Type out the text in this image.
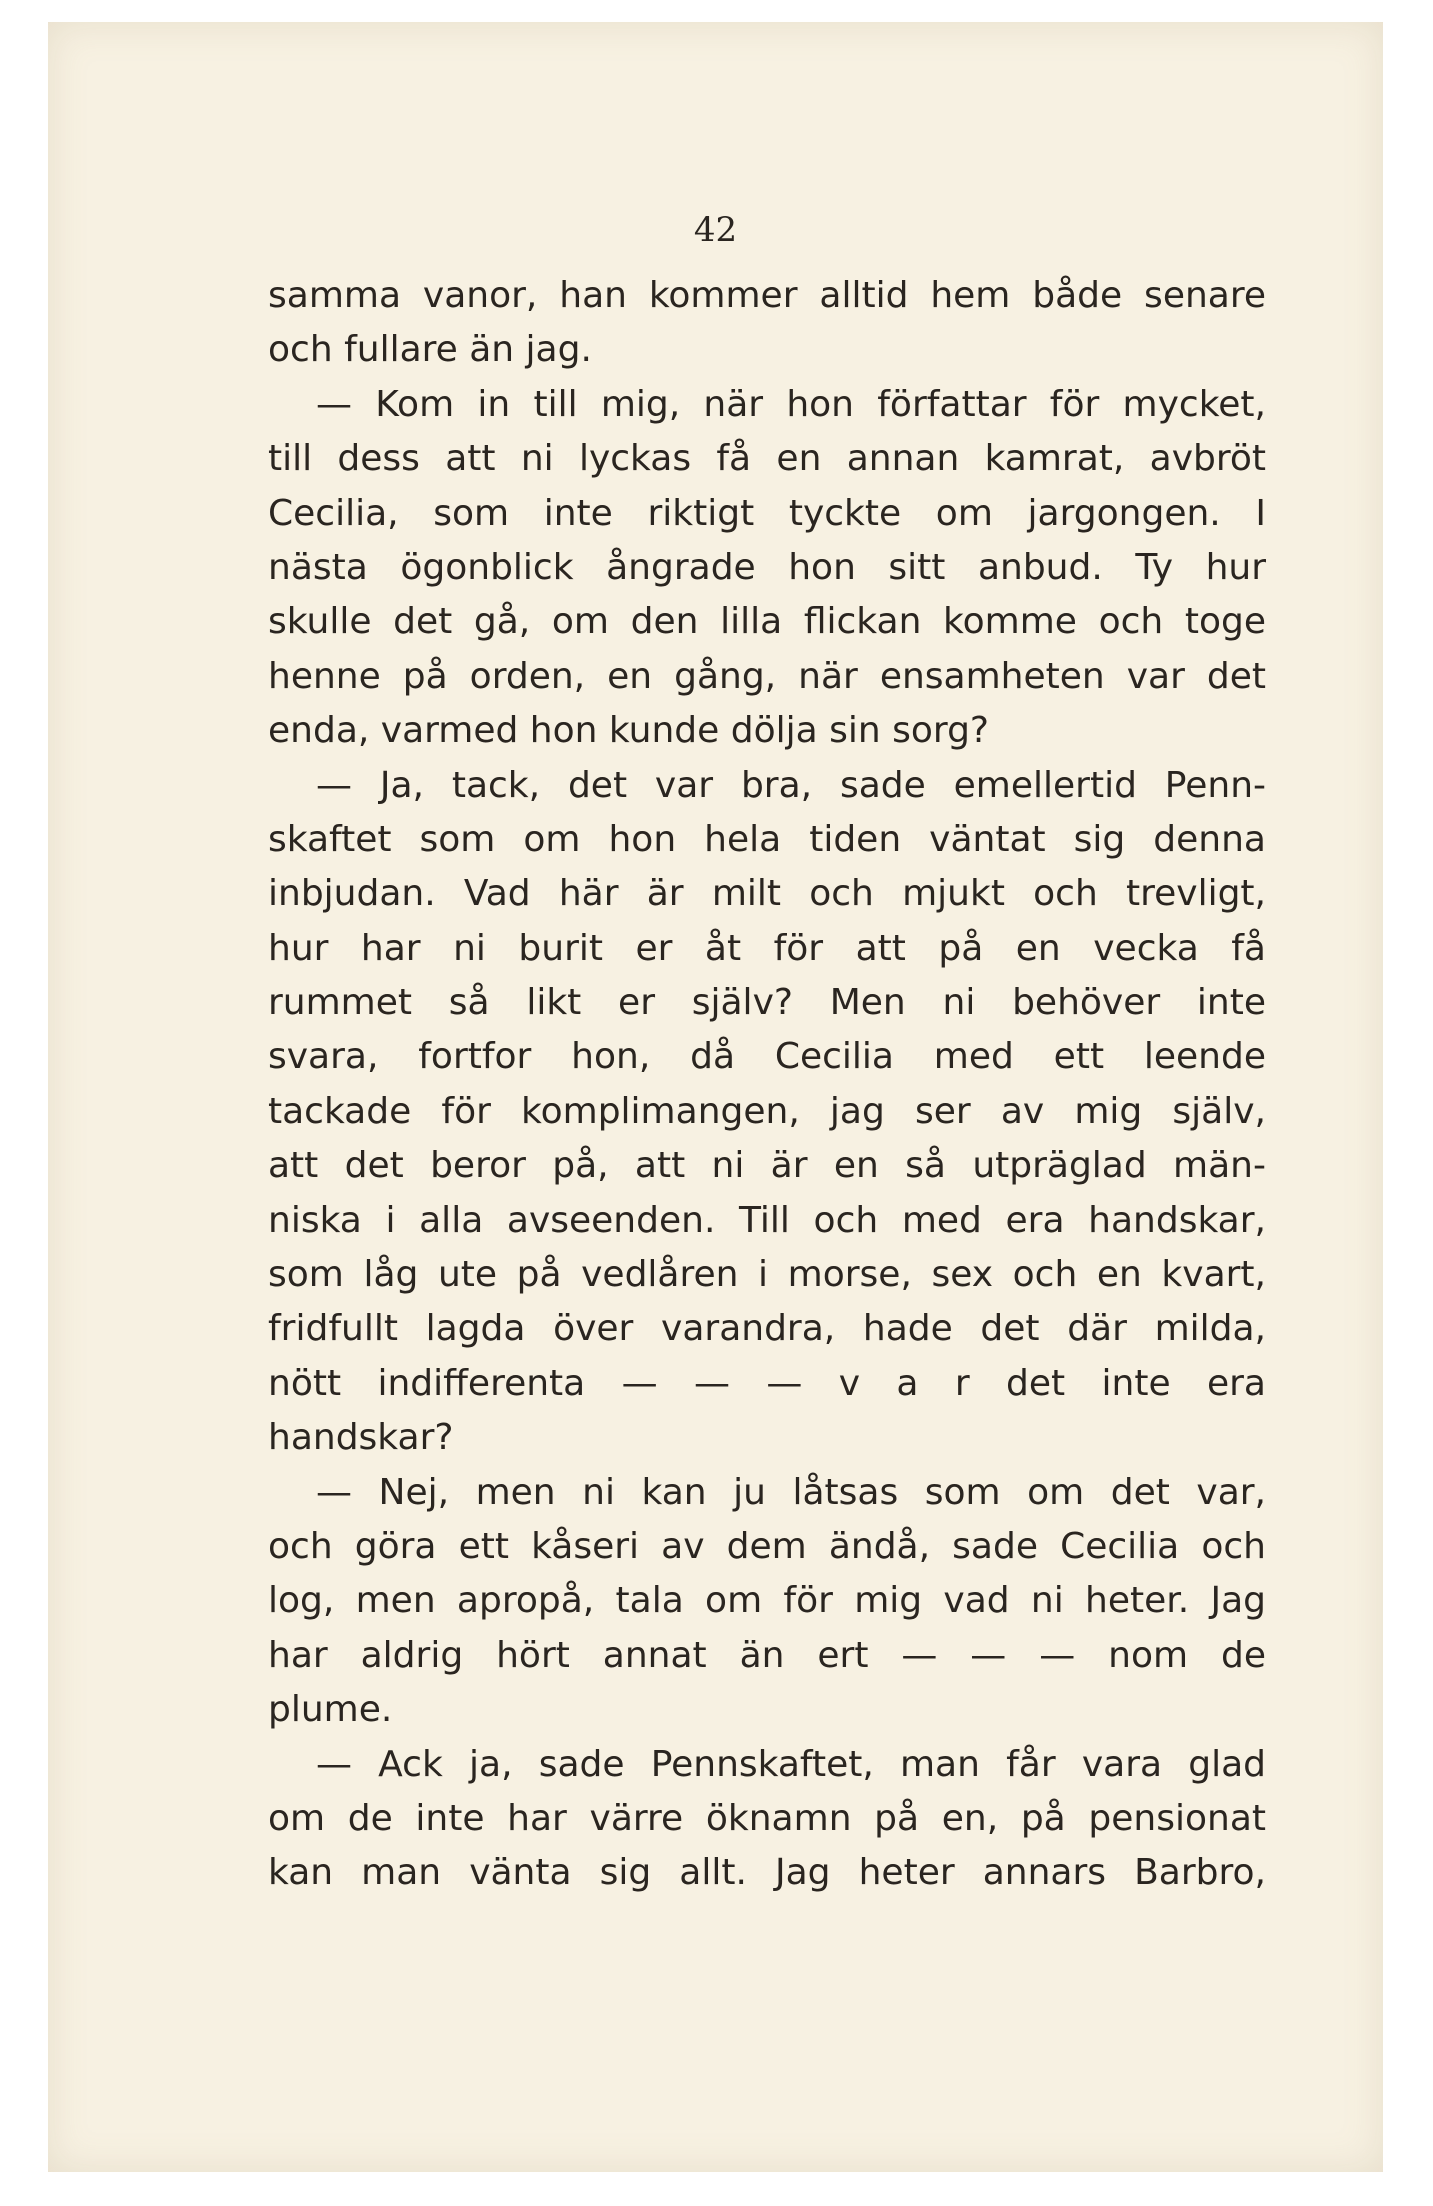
42
samma vanor, han kommer alltid hem både senare
och fullare än jag.
— Kom in till mig, när hon författar för mycket,
till dess att ni lyckas få en annan kamrat, avbröt
Cecilia, som inte riktigt tyckte om jargongen. I
nästa ögonblick ångrade hon sitt anbud. Ty hur
skulle det gå, om den lilla flickan komme och toge
henne på orden, en gång, när ensamheten var det
enda, varmed hon kunde dölja sin sorg?
— Ja, tack, det var bra, sade emellertid Penn-
skaftet som om hon hela tiden väntat sig denna
inbjudan. Vad här är milt och mjukt och trevligt,
hur har ni burit er åt för att på en vecka få
rummet så likt er själv? Men ni behöver inte
svara, fortfor hon, då Cecilia med ett leende
tackade för komplimangen, jag ser av mig själv,
att det beror på, att ni är en så utpräglad män-
niska i alla avseenden. Till och med era handskar,
som låg ute på vedlåren i morse, sex och en kvart,
fridfullt lagda över varandra, hade det där milda,
nött indifferenta — — — v a r det inte era
handskar?
— Nej, men ni kan ju låtsas som om det var,
och göra ett kåseri av dem ändå, sade Cecilia och
log, men apropå, tala om för mig vad ni heter. Jag
har aldrig hört annat än ert — — — nom de
plume.
— Ack ja, sade Pennskaftet, man får vara glad
om de inte har värre öknamn på en, på pensionat
kan man vänta sig allt. Jag heter annars Barbro,
